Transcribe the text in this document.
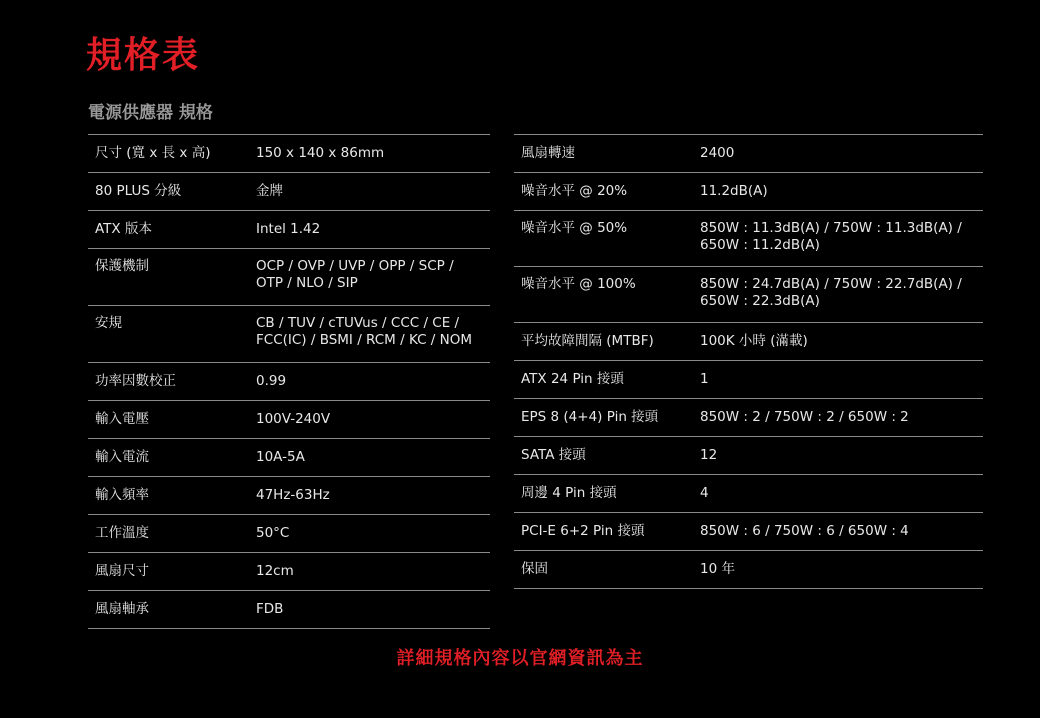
規格表
電源供應器 規格
尺寸 (寬 x 長 x 高)	150 x 140 x 86mm
80 PLUS 分級	金牌
ATX 版本	Intel 1.42
保護機制	OCP / OVP / UVP / OPP / SCP /
OTP / NLO / SIP
安規	CB / TUV / cTUVus / CCC / CE /
FCC(IC) / BSMI / RCM / KC / NOM
功率因數校正	0.99
輸入電壓	100V-240V
輸入電流	10A-5A
輸入頻率	47Hz-63Hz
工作溫度	50°C
風扇尺寸	12cm
風扇軸承	FDB
風扇轉速	2400
噪音水平 @ 20%	11.2dB(A)
噪音水平 @ 50%	850W : 11.3dB(A) / 750W : 11.3dB(A) /
650W : 11.2dB(A)
噪音水平 @ 100%	850W : 24.7dB(A) / 750W : 22.7dB(A) /
650W : 22.3dB(A)
平均故障間隔 (MTBF)	100K 小時 (滿載)
ATX 24 Pin 接頭	1
EPS 8 (4+4) Pin 接頭	850W : 2 / 750W : 2 / 650W : 2
SATA 接頭	12
周邊 4 Pin 接頭	4
PCI-E 6+2 Pin 接頭	850W : 6 / 750W : 6 / 650W : 4
保固	10 年
詳細規格內容以官網資訊為主
